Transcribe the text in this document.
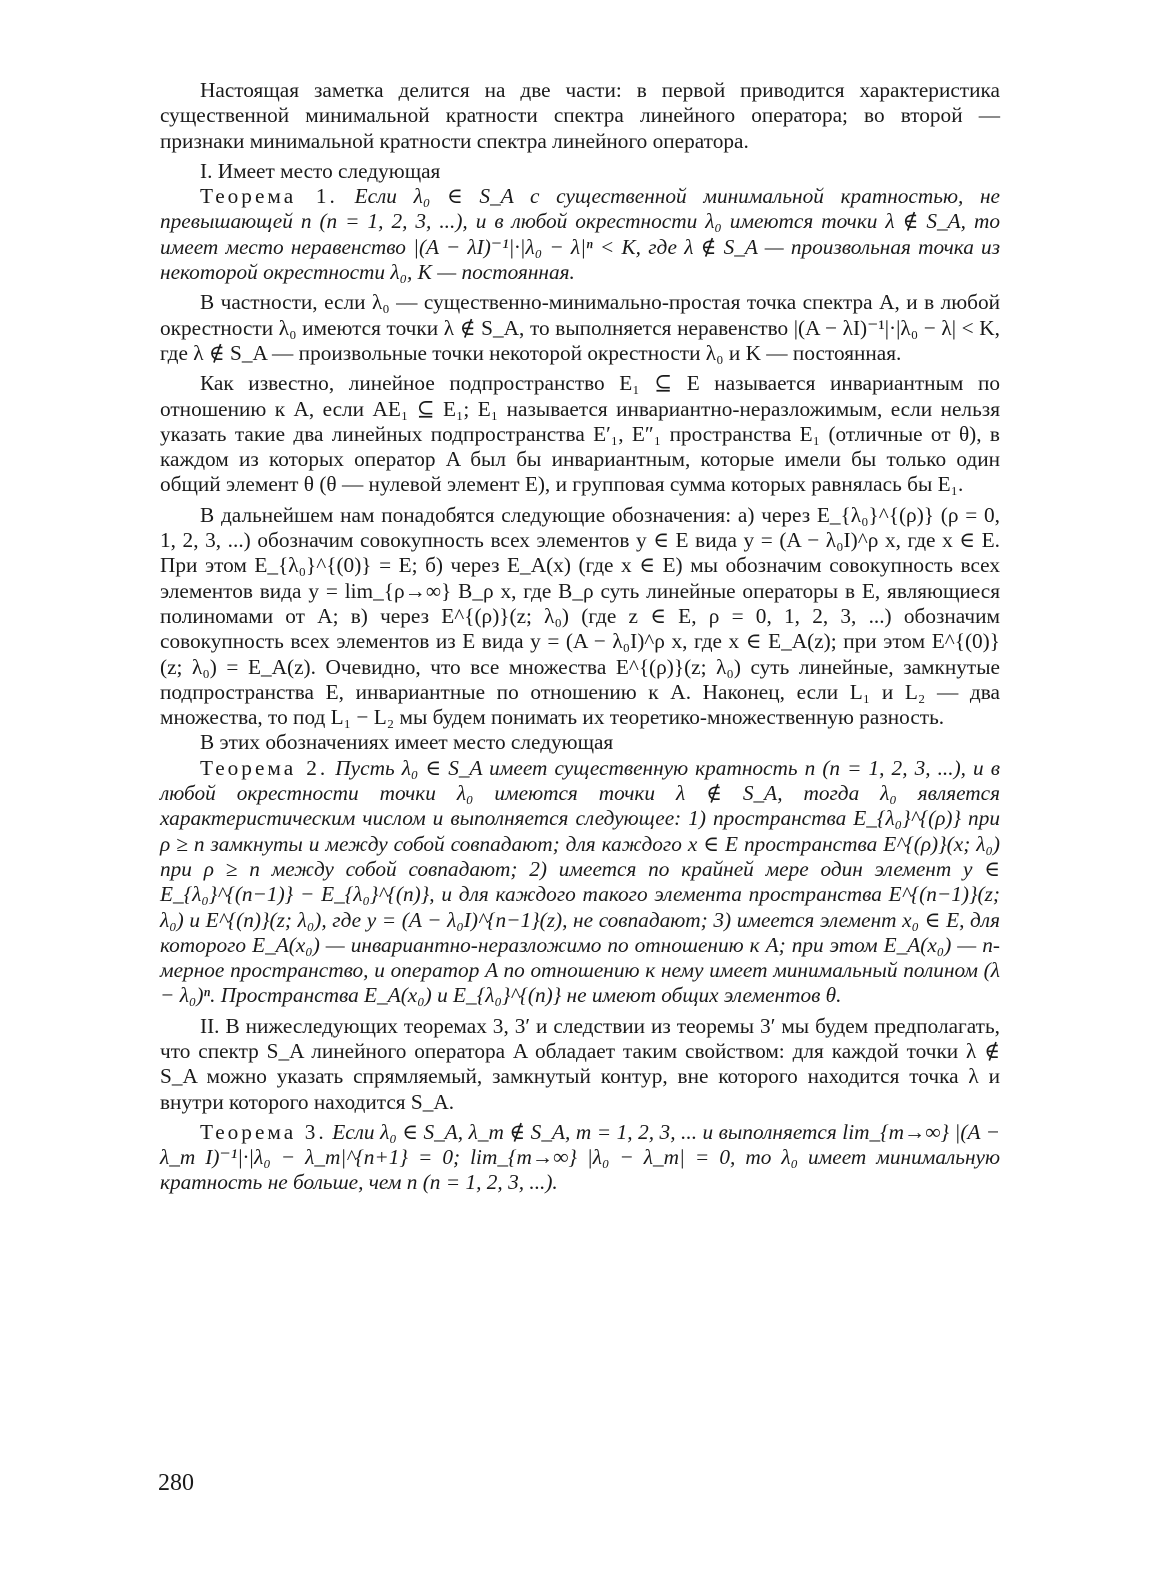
Настоящая заметка делится на две части: в первой приводится характеристика существенной минимальной кратности спектра линейного оператора; во второй — признаки минимальной кратности спектра линейного оператора.

I. Имеет место следующая

Теорема 1. Если λ₀ ∈ S_A с существенной минимальной кратностью, не превышающей n (n = 1, 2, 3, ...), и в любой окрестности λ₀ имеются точки λ ∉ S_A, то имеет место неравенство |(A − λI)⁻¹|·|λ₀ − λ|ⁿ < K, где λ ∉ S_A — произвольная точка из некоторой окрестности λ₀, K — постоянная.

В частности, если λ₀ — существенно-минимально-простая точка спектра A, и в любой окрестности λ₀ имеются точки λ ∉ S_A, то выполняется неравенство |(A − λI)⁻¹|·|λ₀ − λ| < K, где λ ∉ S_A — произвольные точки некоторой окрестности λ₀ и K — постоянная.

Как известно, линейное подпространство E₁ ⊆ E называется инвариантным по отношению к A, если AE₁ ⊆ E₁; E₁ называется инвариантно-неразложимым, если нельзя указать такие два линейных подпространства E′₁, E″₁ пространства E₁ (отличные от θ), в каждом из которых оператор A был бы инвариантным, которые имели бы только один общий элемент θ (θ — нулевой элемент E), и групповая сумма которых равнялась бы E₁.

В дальнейшем нам понадобятся следующие обозначения: а) через E_{λ₀}^{(ρ)} (ρ = 0, 1, 2, 3, ...) обозначим совокупность всех элементов y ∈ E вида y = (A − λ₀I)^ρ x, где x ∈ E. При этом E_{λ₀}^{(0)} = E; б) через E_A(x) (где x ∈ E) мы обозначим совокупность всех элементов вида y = lim_{ρ→∞} B_ρ x, где B_ρ суть линейные операторы в E, являющиеся полиномами от A; в) через E^{(ρ)}(z; λ₀) (где z ∈ E, ρ = 0, 1, 2, 3, ...) обозначим совокупность всех элементов из E вида y = (A − λ₀I)^ρ x, где x ∈ E_A(z); при этом E^{(0)}(z; λ₀) = E_A(z). Очевидно, что все множества E^{(ρ)}(z; λ₀) суть линейные, замкнутые подпространства E, инвариантные по отношению к A. Наконец, если L₁ и L₂ — два множества, то под L₁ − L₂ мы будем понимать их теоретико-множественную разность.

В этих обозначениях имеет место следующая

Теорема 2. Пусть λ₀ ∈ S_A имеет существенную кратность n (n = 1, 2, 3, ...), и в любой окрестности точки λ₀ имеются точки λ ∉ S_A, тогда λ₀ является характеристическим числом и выполняется следующее: 1) пространства E_{λ₀}^{(ρ)} при ρ ≥ n замкнуты и между собой совпадают; для каждого x ∈ E пространства E^{(ρ)}(x; λ₀) при ρ ≥ n между собой совпадают; 2) имеется по крайней мере один элемент y ∈ E_{λ₀}^{(n−1)} − E_{λ₀}^{(n)}, и для каждого такого элемента пространства E^{(n−1)}(z; λ₀) и E^{(n)}(z; λ₀), где y = (A − λ₀I)^{n−1}(z), не совпадают; 3) имеется элемент x₀ ∈ E, для которого E_A(x₀) — инвариантно-неразложимо по отношению к A; при этом E_A(x₀) — n-мерное пространство, и оператор A по отношению к нему имеет минимальный полином (λ − λ₀)ⁿ. Пространства E_A(x₀) и E_{λ₀}^{(n)} не имеют общих элементов θ.

II. В нижеследующих теоремах 3, 3′ и следствии из теоремы 3′ мы будем предполагать, что спектр S_A линейного оператора A обладает таким свойством: для каждой точки λ ∉ S_A можно указать спрямляемый, замкнутый контур, вне которого находится точка λ и внутри которого находится S_A.

Теорема 3. Если λ₀ ∈ S_A, λ_m ∉ S_A, m = 1, 2, 3, ... и выполняется lim_{m→∞} |(A − λ_m I)⁻¹|·|λ₀ − λ_m|^{n+1} = 0; lim_{m→∞} |λ₀ − λ_m| = 0, то λ₀ имеет минимальную кратность не больше, чем n (n = 1, 2, 3, ...).

280
